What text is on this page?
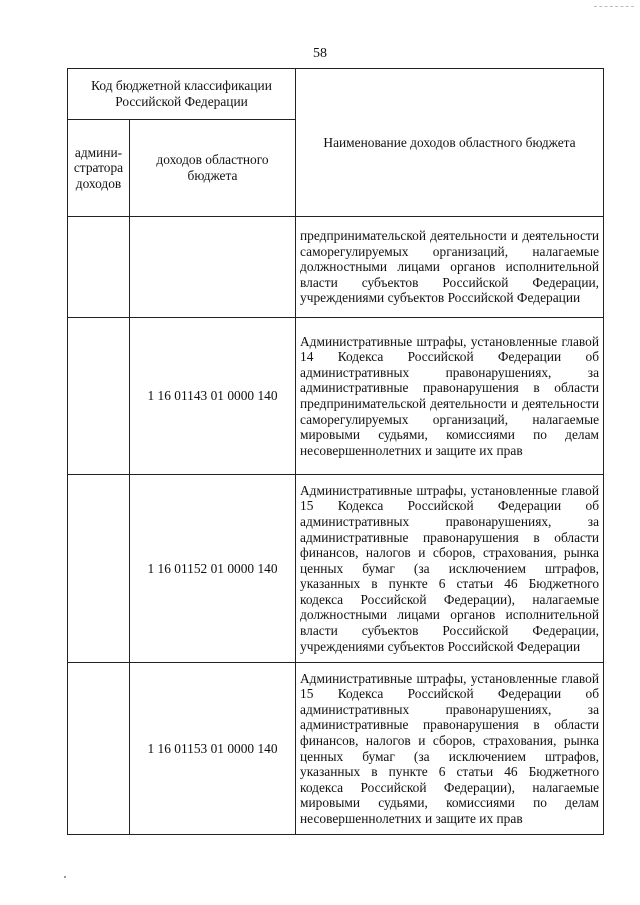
58
Код бюджетной классификации Российской Федерации		Наименование доходов областного бюджета
админи-стратора доходов	доходов областного бюджета	
		предпринимательской деятельности и деятельности саморегулируемых организаций, налагаемые должностными лицами органов исполнительной власти субъектов Российской Федерации, учреждениями субъектов Российской Федерации
	1 16 01143 01 0000 140	Административные штрафы, установленные главой 14 Кодекса Российской Федерации об административных правонарушениях, за административные правонарушения в области предпринимательской деятельности и деятельности саморегулируемых организаций, налагаемые мировыми судьями, комиссиями по делам несовершеннолетних и защите их прав
	1 16 01152 01 0000 140	Административные штрафы, установленные главой 15 Кодекса Российской Федерации об административных правонарушениях, за административные правонарушения в области финансов, налогов и сборов, страхования, рынка ценных бумаг (за исключением штрафов, указанных в пункте 6 статьи 46 Бюджетного кодекса Российской Федерации), налагаемые должностными лицами органов исполнительной власти субъектов Российской Федерации, учреждениями субъектов Российской Федерации
	1 16 01153 01 0000 140	Административные штрафы, установленные главой 15 Кодекса Российской Федерации об административных правонарушениях, за административные правонарушения в области финансов, налогов и сборов, страхования, рынка ценных бумаг (за исключением штрафов, указанных в пункте 6 статьи 46 Бюджетного кодекса Российской Федерации), налагаемые мировыми судьями, комиссиями по делам несовершеннолетних и защите их прав
